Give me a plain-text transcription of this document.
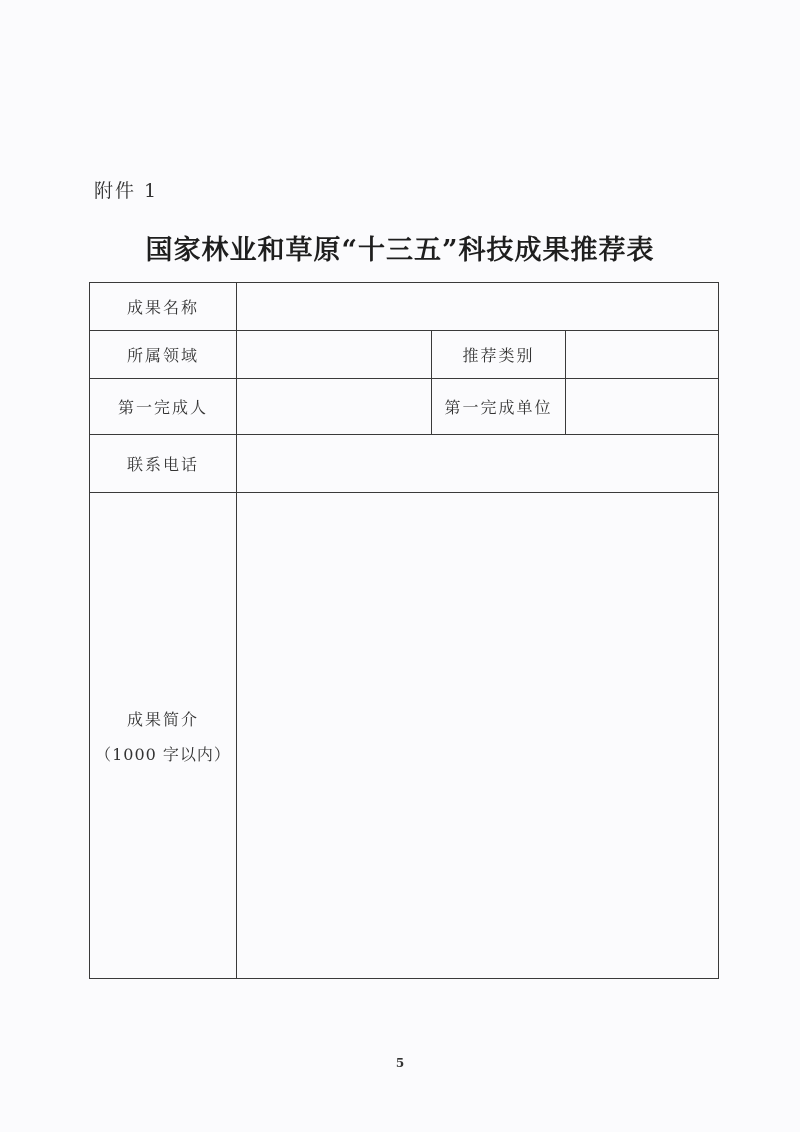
附件 1
国家林业和草原“十三五”科技成果推荐表
成果名称			
所属领域		推荐类别	
第一完成人		第一完成单位	
联系电话			
成果简介
（1000 字以内）			

5
